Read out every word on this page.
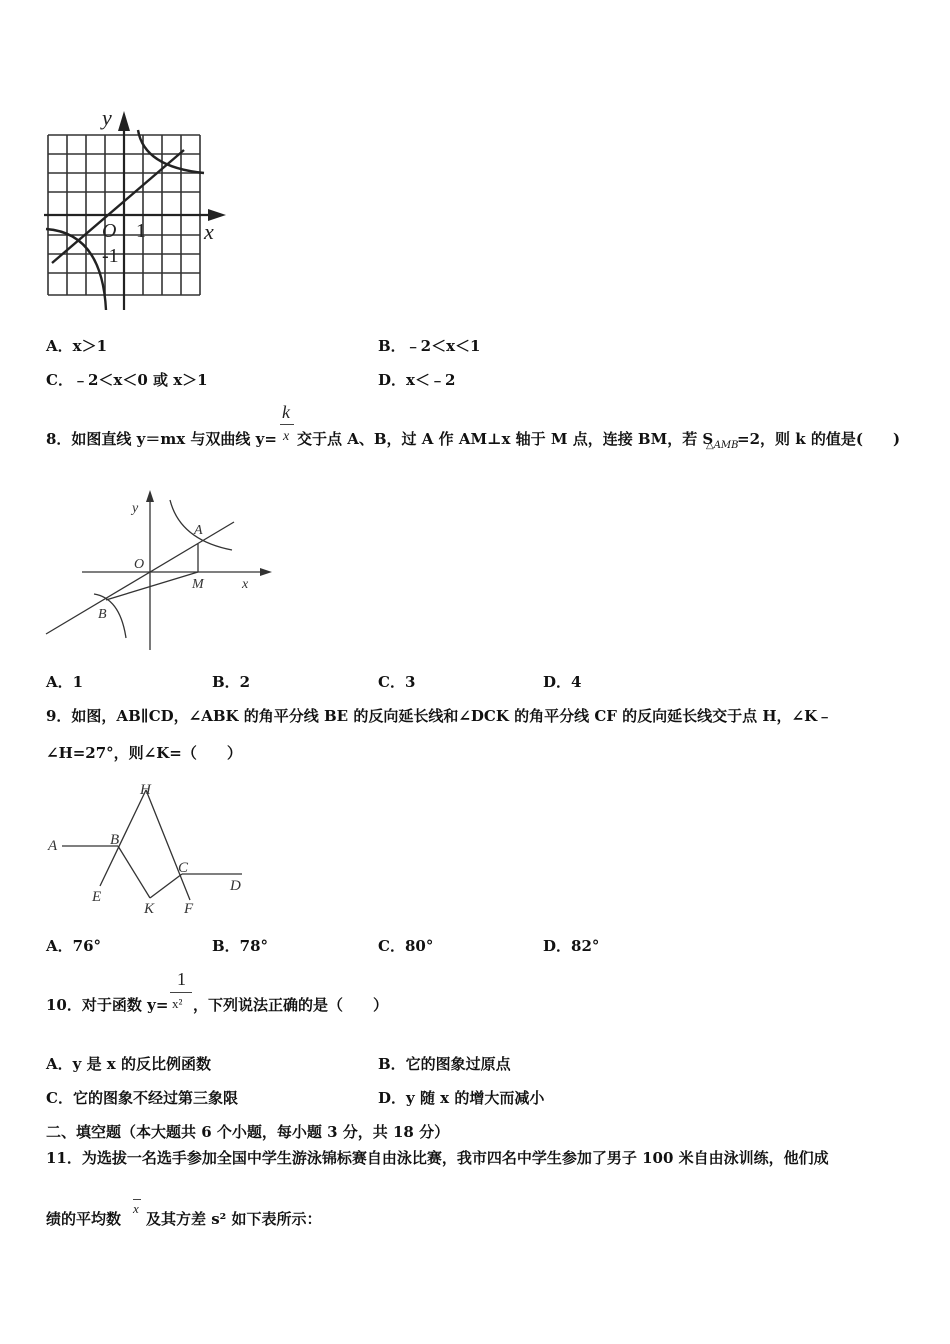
y
x
O 1
-1
A．x＞1	B．﹣2＜x＜1
C．﹣2＜x＜0 或 x＞1	D．x＜﹣2
8．如图直线 y＝mx 与双曲线 y=
k
x 交于点 A、B，过 A 作 AM⊥x 轴于 M 点，连接 BM，若 S
△AMB
=2，则 k 的值是(　　)
y
x
O
A
B
M
A．1	B．2	C．3	D．4
9．如图，AB∥CD，∠ABK 的角平分线 BE 的反向延长线和∠DCK 的角平分线 CF 的反向延长线交于点 H，∠K﹣
∠H=27°，则∠K=（　　）
A	B
C
D
E
F
H
K
A．76°	B．78°	C．80°	D．82°
10．对于函数 y=
1
x² ，下列说法正确的是（　　）
A．y 是 x 的反比例函数	B．它的图象过原点
C．它的图象不经过第三象限	D．y 随 x 的增大而减小
二、填空题（本大题共 6 个小题，每小题 3 分，共 18 分）
11．为选拔一名选手参加全国中学生游泳锦标赛自由泳比赛，我市四名中学生参加了男子 100 米自由泳训练，他们成
绩的平均数
x
及其方差 s² 如下表所示：
